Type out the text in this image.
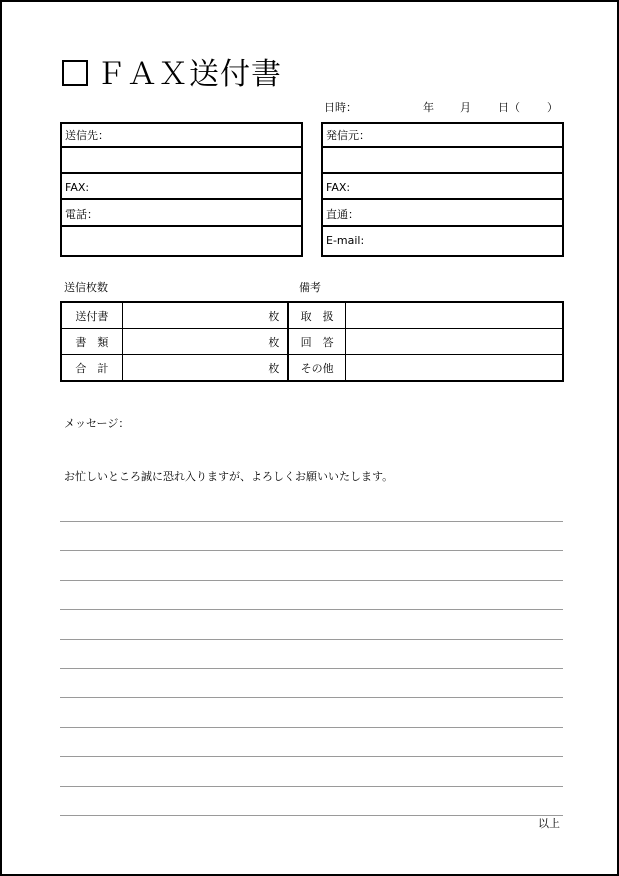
ＦＡＸ送付書
日時：	年 月 日（ ）
送信先：
FAX:
電話：
発信元：
FAX:
直通：
E-mail:
送信枚数	備考
送付書	枚	取　扱	
書　類	枚	回　答	
合　計	枚	その他	
メッセージ：
お忙しいところ誠に恐れ入りますが、よろしくお願いいたします。
以上
